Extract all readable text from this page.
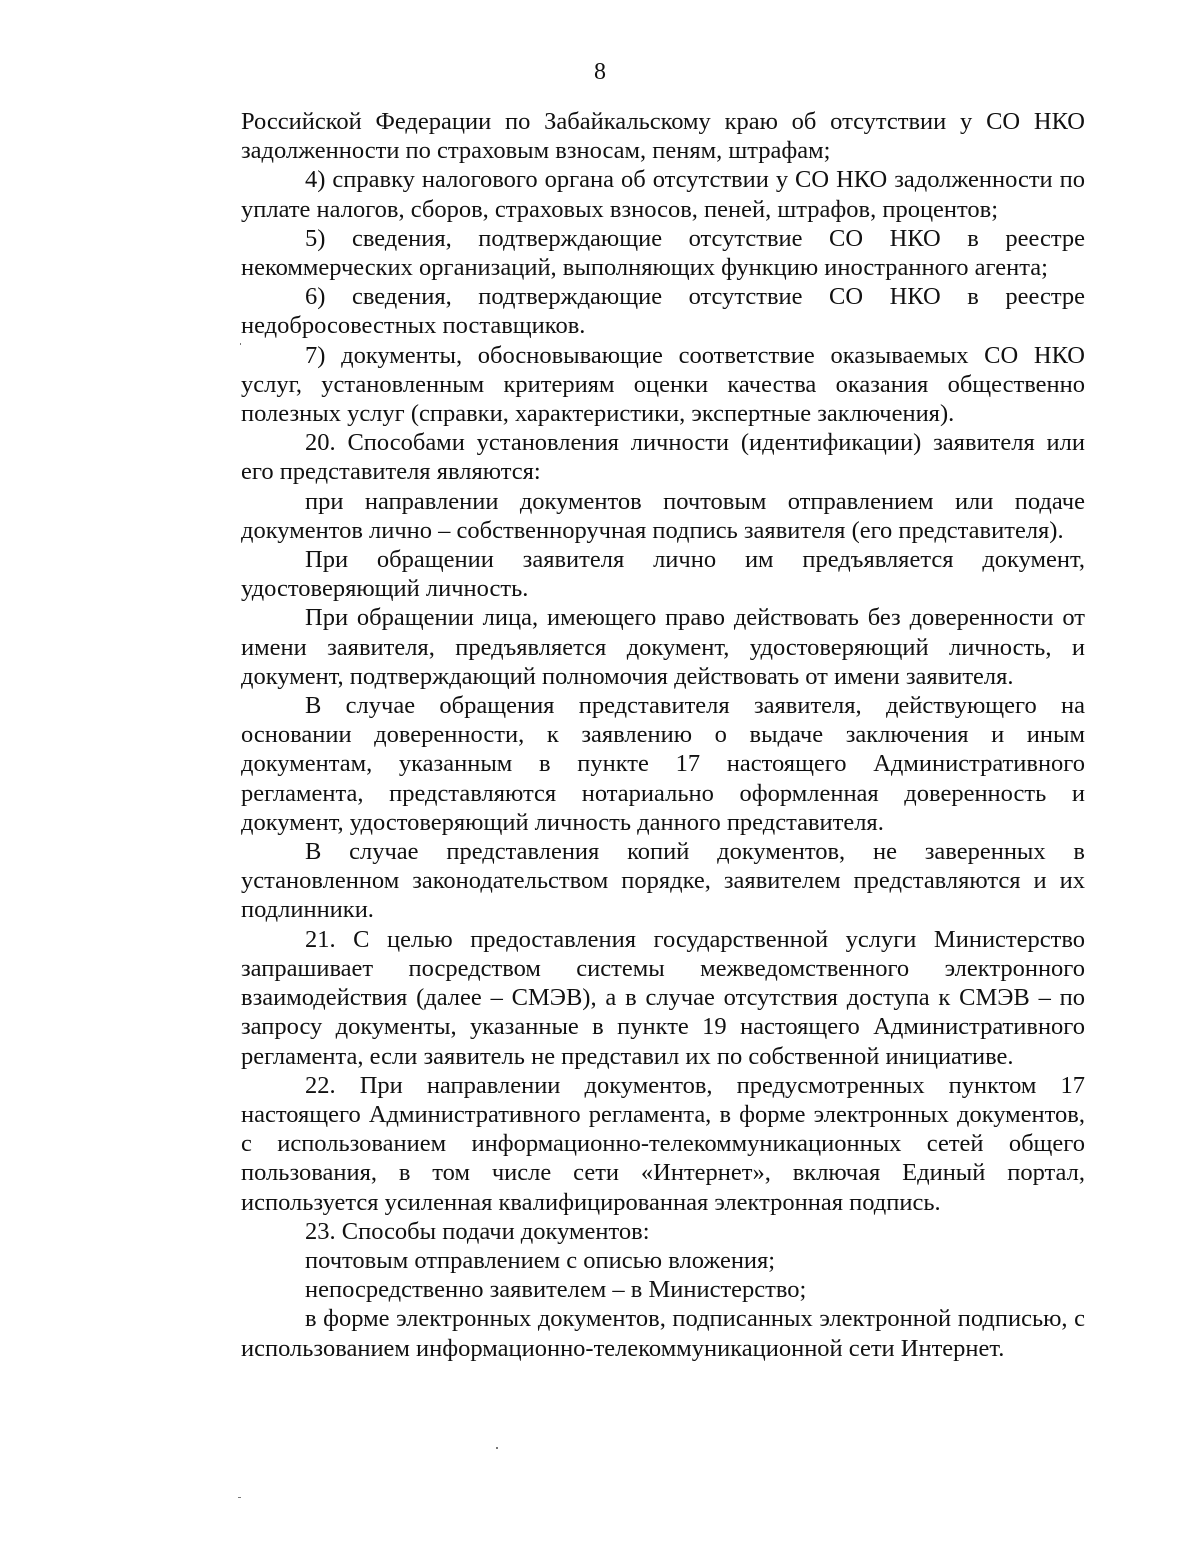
8

Российской Федерации по Забайкальскому краю об отсутствии у СО НКО задолженности по страховым взносам, пеням, штрафам;

4) справку налогового органа об отсутствии у СО НКО задолженности по уплате налогов, сборов, страховых взносов, пеней, штрафов, процентов;

5) сведения, подтверждающие отсутствие СО НКО в реестре некоммерческих организаций, выполняющих функцию иностранного агента;

6) сведения, подтверждающие отсутствие СО НКО в реестре недобросовестных поставщиков.

7) документы, обосновывающие соответствие оказываемых СО НКО услуг, установленным критериям оценки качества оказания общественно полезных услуг (справки, характеристики, экспертные заключения).

20. Способами установления личности (идентификации) заявителя или его представителя являются:

при направлении документов почтовым отправлением или подаче документов лично – собственноручная подпись заявителя (его представителя).

При обращении заявителя лично им предъявляется документ, удостоверяющий личность.

При обращении лица, имеющего право действовать без доверенности от имени заявителя, предъявляется документ, удостоверяющий личность, и документ, подтверждающий полномочия действовать от имени заявителя.

В случае обращения представителя заявителя, действующего на основании доверенности, к заявлению о выдаче заключения и иным документам, указанным в пункте 17 настоящего Административного регламента, представляются нотариально оформленная доверенность и документ, удостоверяющий личность данного представителя.

В случае представления копий документов, не заверенных в установленном законодательством порядке, заявителем представляются и их подлинники.

21. С целью предоставления государственной услуги Министерство запрашивает посредством системы межведомственного электронного взаимодействия (далее – СМЭВ), а в случае отсутствия доступа к СМЭВ – по запросу документы, указанные в пункте 19 настоящего Административного регламента, если заявитель не представил их по собственной инициативе.

22. При направлении документов, предусмотренных пунктом 17 настоящего Административного регламента, в форме электронных документов, с использованием информационно-телекоммуникационных сетей общего пользования, в том числе сети «Интернет», включая Единый портал, используется усиленная квалифицированная электронная подпись.

23. Способы подачи документов:

почтовым отправлением с описью вложения;

непосредственно заявителем – в Министерство;

в форме электронных документов, подписанных электронной подписью, с использованием информационно-телекоммуникационной сети Интернет.
